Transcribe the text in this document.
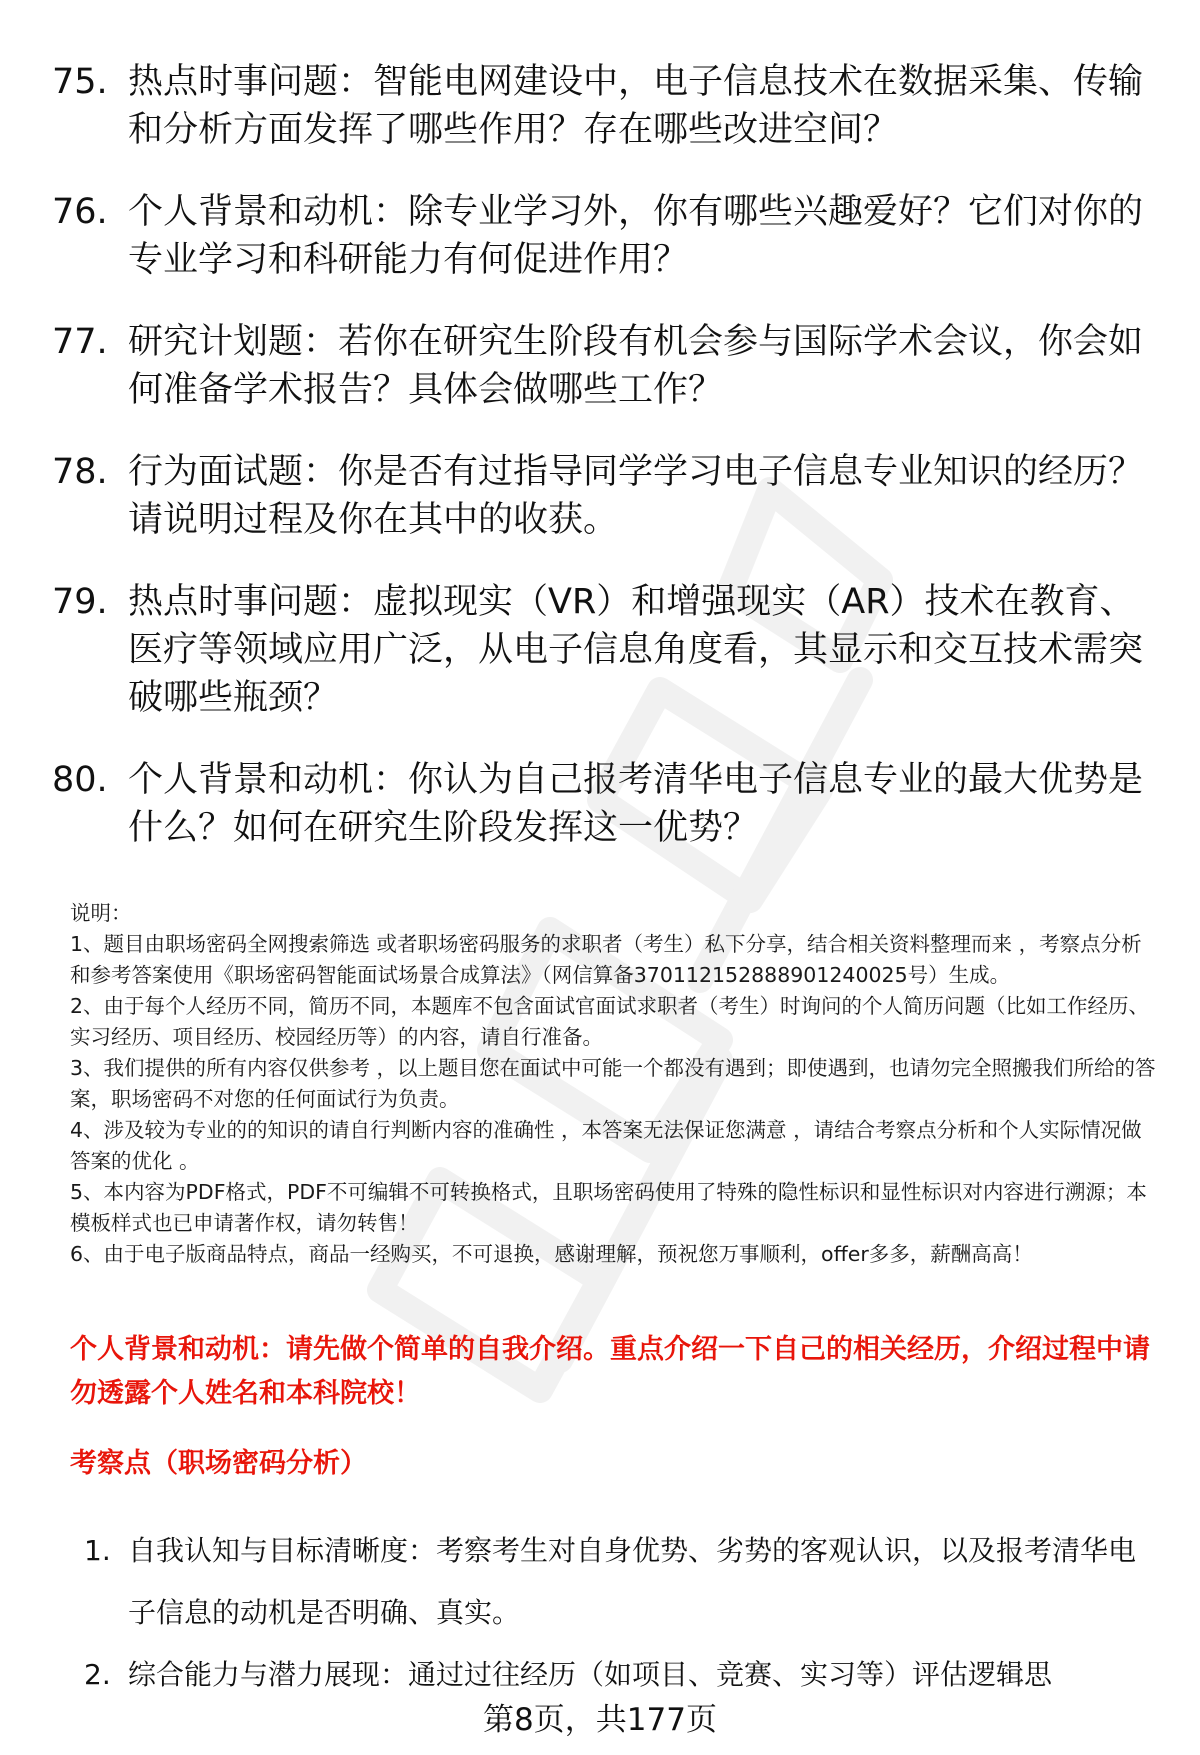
75. 热点时事问题：智能电网建设中，电子信息技术在数据采集、传输和分析方面发挥了哪些作用？存在哪些改进空间？
76. 个人背景和动机：除专业学习外，你有哪些兴趣爱好？它们对你的专业学习和科研能力有何促进作用？
77. 研究计划题：若你在研究生阶段有机会参与国际学术会议，你会如何准备学术报告？具体会做哪些工作？
78. 行为面试题：你是否有过指导同学学习电子信息专业知识的经历？请说明过程及你在其中的收获。
79. 热点时事问题：虚拟现实（VR）和增强现实（AR）技术在教育、医疗等领域应用广泛，从电子信息角度看，其显示和交互技术需突破哪些瓶颈？
80. 个人背景和动机：你认为自己报考清华电子信息专业的最大优势是什么？如何在研究生阶段发挥这一优势？
说明：
1、题目由职场密码全网搜索筛选 或者职场密码服务的求职者（考生）私下分享，结合相关资料整理而来 ，考察点分析和参考答案使用《职场密码智能面试场景合成算法》（网信算备370112152888901240025号）生成。
2、由于每个人经历不同，简历不同，本题库不包含面试官面试求职者（考生）时询问的个人简历问题（比如工作经历、实习经历、项目经历、校园经历等）的内容，请自行准备。
3、我们提供的所有内容仅供参考 ，以上题目您在面试中可能一个都没有遇到；即使遇到，也请勿完全照搬我们所给的答案，职场密码不对您的任何面试行为负责。
4、涉及较为专业的的知识的请自行判断内容的准确性 ，本答案无法保证您满意 ，请结合考察点分析和个人实际情况做答案的优化 。
5、本内容为PDF格式，PDF不可编辑不可转换格式，且职场密码使用了特殊的隐性标识和显性标识对内容进行溯源；本模板样式也已申请著作权，请勿转售！
6、由于电子版商品特点，商品一经购买，不可退换，感谢理解，预祝您万事顺利，offer多多，薪酬高高！
个人背景和动机：请先做个简单的自我介绍。重点介绍一下自己的相关经历，介绍过程中请勿透露个人姓名和本科院校！
考察点（职场密码分析）
1. 自我认知与目标清晰度：考察考生对自身优势、劣势的客观认识，以及报考清华电子信息的动机是否明确、真实。
2. 综合能力与潜力展现：通过过往经历（如项目、竞赛、实习等）评估逻辑思
第8页，共177页
